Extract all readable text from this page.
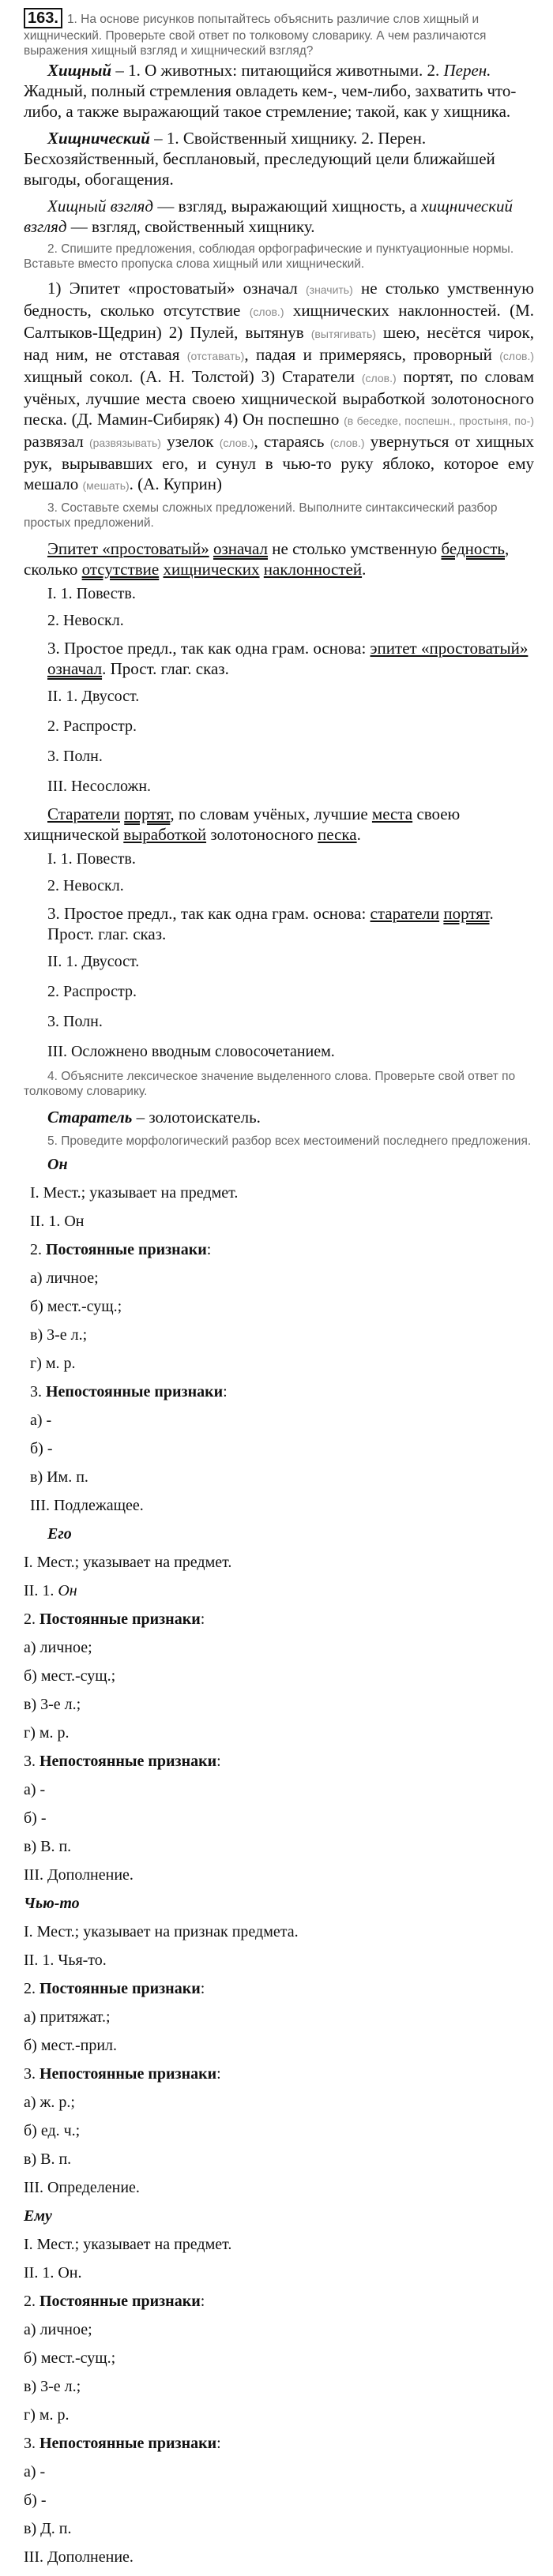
163. 1. На основе рисунков попытайтесь объяснить различие слов хищный и хищнический. Проверьте свой ответ по толковому словарику. А чем различаются выражения хищный взгляд и хищнический взгляд?

Хищный – 1. О животных: питающийся животными. 2. Перен. Жадный, полный стремления овладеть кем-, чем-либо, захватить что-либо, а также выражающий такое стремление; такой, как у хищника.

Хищнический – 1. Свойственный хищнику. 2. Перен. Бесхозяйственный, бесплановый, преследующий цели ближайшей выгоды, обогащения.

Хищный взгляд — взгляд, выражающий хищность, а хищнический взгляд — взгляд, свойственный хищнику.

2. Спишите предложения, соблюдая орфографические и пунктуационные нормы. Вставьте вместо пропуска слова хищный или хищнический.

1) Эпитет «простоватый» означал (значить) не столько умственную бедность, сколько отсутствие (слов.) хищнических наклонностей. (М. Салтыков-Щедрин) 2) Пулей, вытянув (вытягивать) шею, несётся чирок, над ним, не отставая (отставать), падая и примеряясь, проворный (слов.) хищный сокол. (А. Н. Толстой) 3) Старатели (слов.) портят, по словам учёных, лучшие места своею хищнической выработкой золотоносного песка. (Д. Мамин-Сибиряк) 4) Он поспешно (в беседке, поспешн., простыня, по-) развязал (развязывать) узелок (слов.), стараясь (слов.) увернуться от хищных рук, вырывавших его, и сунул в чью-то руку яблоко, которое ему мешало (мешать). (А. Куприн)

3. Составьте схемы сложных предложений. Выполните синтаксический разбор простых предложений.

Эпитет «простоватый» означал не столько умственную бедность, сколько отсутствие хищнических наклонностей.

I. 1. Повеств.

2. Невоскл.

3. Простое предл., так как одна грам. основа: эпитет «простоватый» означал. Прост. глаг. сказ.

II. 1. Двусост.

2. Распростр.

3. Полн.

III. Несосложн.

Старатели портят, по словам учёных, лучшие места своею хищнической выработкой золотоносного песка.

I. 1. Повеств.

2. Невоскл.

3. Простое предл., так как одна грам. основа: старатели портят. Прост. глаг. сказ.

II. 1. Двусост.

2. Распростр.

3. Полн.

III. Осложнено вводным словосочетанием.

4. Объясните лексическое значение выделенного слова. Проверьте свой ответ по толковому словарику.

Старатель – золотоискатель.

5. Проведите морфологический разбор всех местоимений последнего предложения.

Он

I. Мест.; указывает на предмет.

II. 1. Он

2. Постоянные признаки:

а) личное;

б) мест.-сущ.;

в) 3-е л.;

г) м. р.

3. Непостоянные признаки:

а) -

б) -

в) Им. п.

III. Подлежащее.

Его

I. Мест.; указывает на предмет.

II. 1. Он

2. Постоянные признаки:

а) личное;

б) мест.-сущ.;

в) 3-е л.;

г) м. р.

3. Непостоянные признаки:

а) -

б) -

в) В. п.

III. Дополнение.

Чью-то

I. Мест.; указывает на признак предмета.

II. 1. Чья-то.

2. Постоянные признаки:

а) притяжат.;

б) мест.-прил.

3. Непостоянные признаки:

а) ж. р.;

б) ед. ч.;

в) В. п.

III. Определение.

Ему

I. Мест.; указывает на предмет.

II. 1. Он.

2. Постоянные признаки:

а) личное;

б) мест.-сущ.;

в) 3-е л.;

г) м. р.

3. Непостоянные признаки:

а) -

б) -

в) Д. п.

III. Дополнение.
